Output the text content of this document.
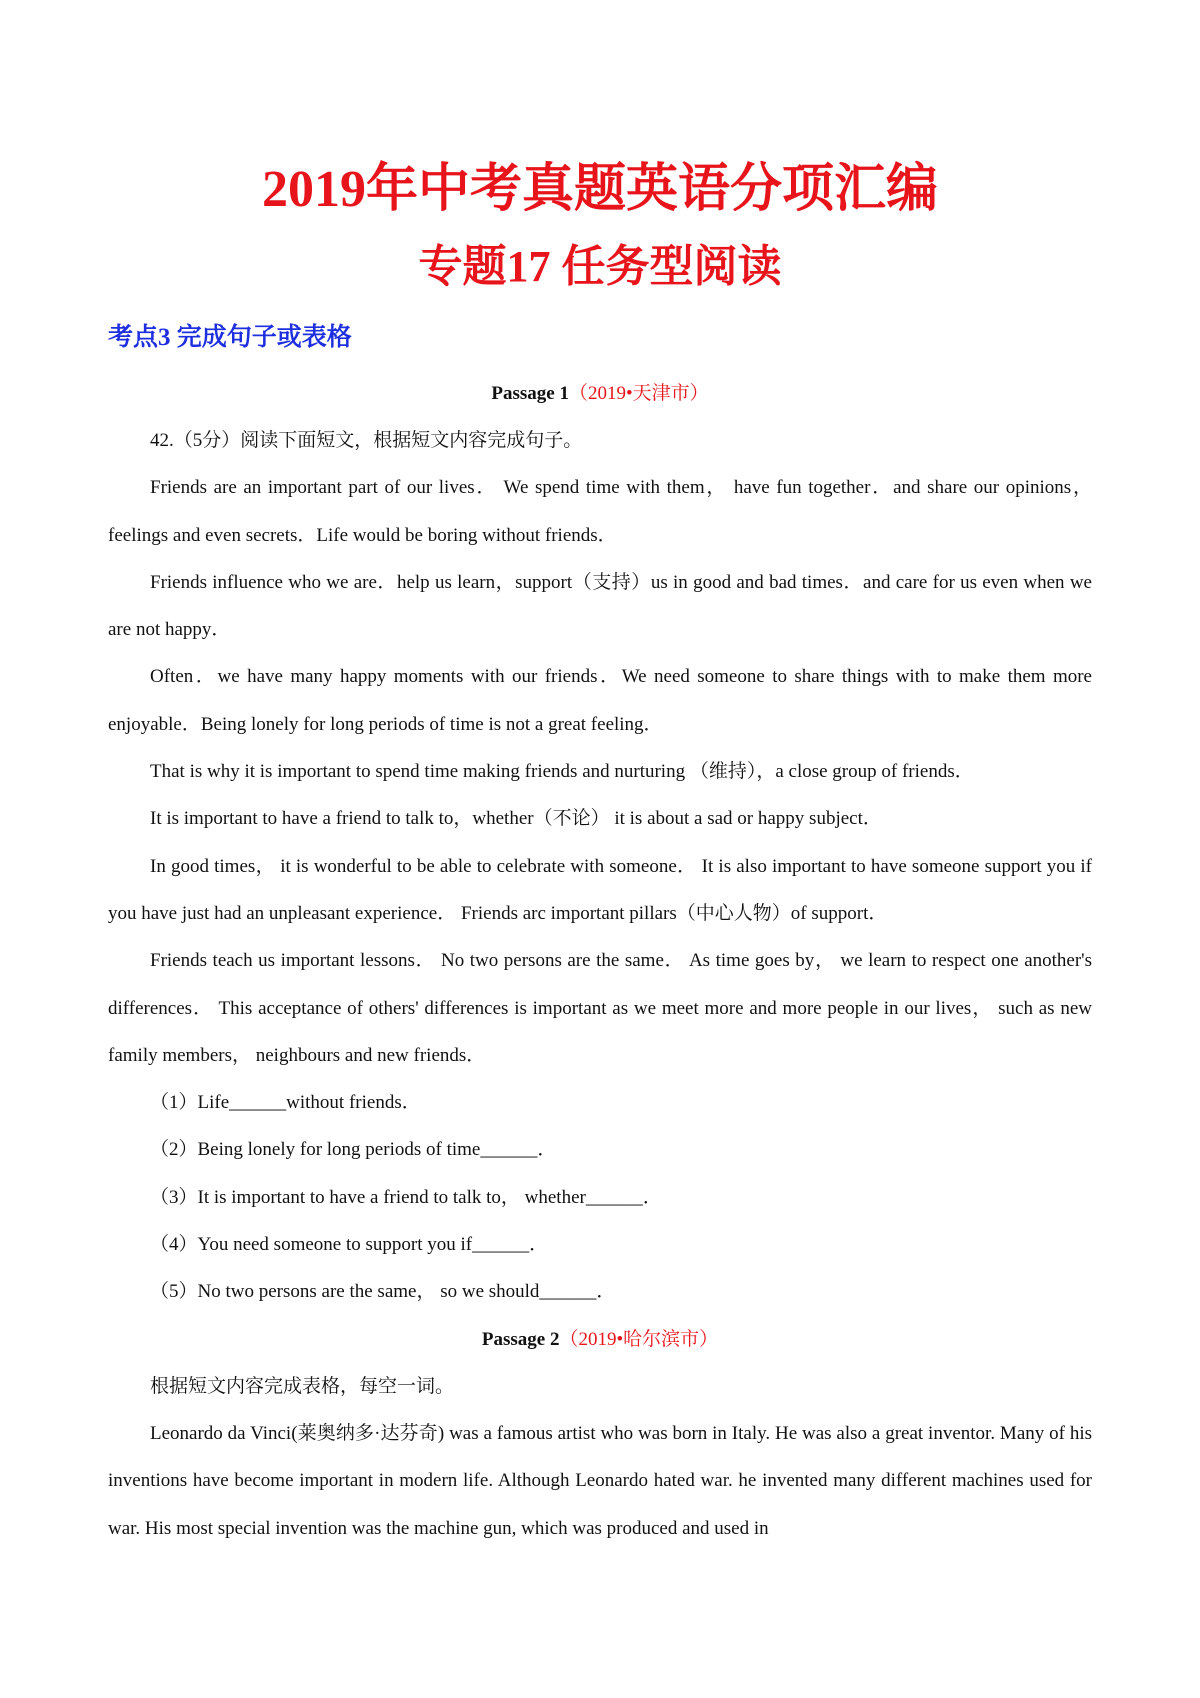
2019年中考真题英语分项汇编
专题17 任务型阅读
考点3 完成句子或表格
Passage 1（2019•天津市）

42.（5分）阅读下面短文，根据短文内容完成句子。

Friends are an important part of our lives． We spend time with them， have fun together．and share our opinions，feelings and even secrets．Life would be boring without friends．

Friends influence who we are．help us learn，support（支持）us in good and bad times．and care for us even when we are not happy．

Often．we have many happy moments with our friends．We need someone to share things with to make them more enjoyable．Being lonely for long periods of time is not a great feeling．

That is why it is important to spend time making friends and nurturing （维持），a close group of friends．

It is important to have a friend to talk to，whether（不论） it is about a sad or happy subject．

In good times， it is wonderful to be able to celebrate with someone． It is also important to have someone support you if you have just had an unpleasant experience． Friends arc important pillars（中心人物）of support．

Friends teach us important lessons． No two persons are the same． As time goes by， we learn to respect one another's differences． This acceptance of others' differences is important as we meet more and more people in our lives， such as new family members， neighbours and new friends．

（1）Life______without friends．

（2）Being lonely for long periods of time______．

（3）It is important to have a friend to talk to， whether______．

（4）You need someone to support you if______．

（5）No two persons are the same， so we should______．

Passage 2（2019•哈尔滨市）

根据短文内容完成表格，每空一词。

Leonardo da Vinci(莱奥纳多·达芬奇) was a famous artist who was born in Italy. He was also a great inventor. Many of his inventions have become important in modern life. Although Leonardo hated war. he invented many different machines used for war. His most special invention was the machine gun, which was produced and used in
